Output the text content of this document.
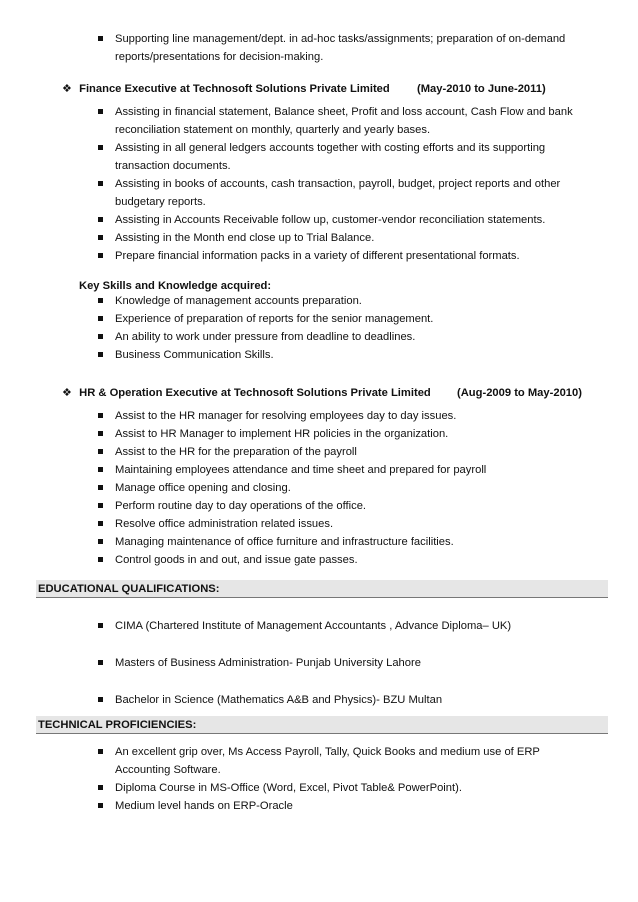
Supporting line management/dept. in ad-hoc tasks/assignments; preparation of on-demand reports/presentations for decision-making.
❖ Finance Executive at Technosoft Solutions Private Limited (May-2010 to June-2011)
Assisting in financial statement, Balance sheet, Profit and loss account, Cash Flow and bank reconciliation statement on monthly, quarterly and yearly bases.
Assisting in all general ledgers accounts together with costing efforts and its supporting transaction documents.
Assisting in books of accounts, cash transaction, payroll, budget, project reports and other budgetary reports.
Assisting in Accounts Receivable follow up, customer-vendor reconciliation statements.
Assisting in the Month end close up to Trial Balance.
Prepare financial information packs in a variety of different presentational formats.
Key Skills and Knowledge acquired:
Knowledge of management accounts preparation.
Experience of preparation of reports for the senior management.
An ability to work under pressure from deadline to deadlines.
Business Communication Skills.
❖ HR & Operation Executive at Technosoft Solutions Private Limited (Aug-2009 to May-2010)
Assist to the HR manager for resolving employees day to day issues.
Assist to HR Manager to implement HR policies in the organization.
Assist to the HR for the preparation of the payroll
Maintaining employees attendance and time sheet and prepared for payroll
Manage office opening and closing.
Perform routine day to day operations of the office.
Resolve office administration related issues.
Managing maintenance of office furniture and infrastructure facilities.
Control goods in and out, and issue gate passes.
EDUCATIONAL QUALIFICATIONS:
CIMA (Chartered Institute of Management Accountants , Advance Diploma– UK)
Masters of Business Administration- Punjab University Lahore
Bachelor in Science (Mathematics A&B and Physics)- BZU Multan
TECHNICAL PROFICIENCIES:
An excellent grip over, Ms Access Payroll, Tally, Quick Books and medium use of ERP Accounting Software.
Diploma Course in MS-Office (Word, Excel, Pivot Table& PowerPoint).
Medium level hands on ERP-Oracle
